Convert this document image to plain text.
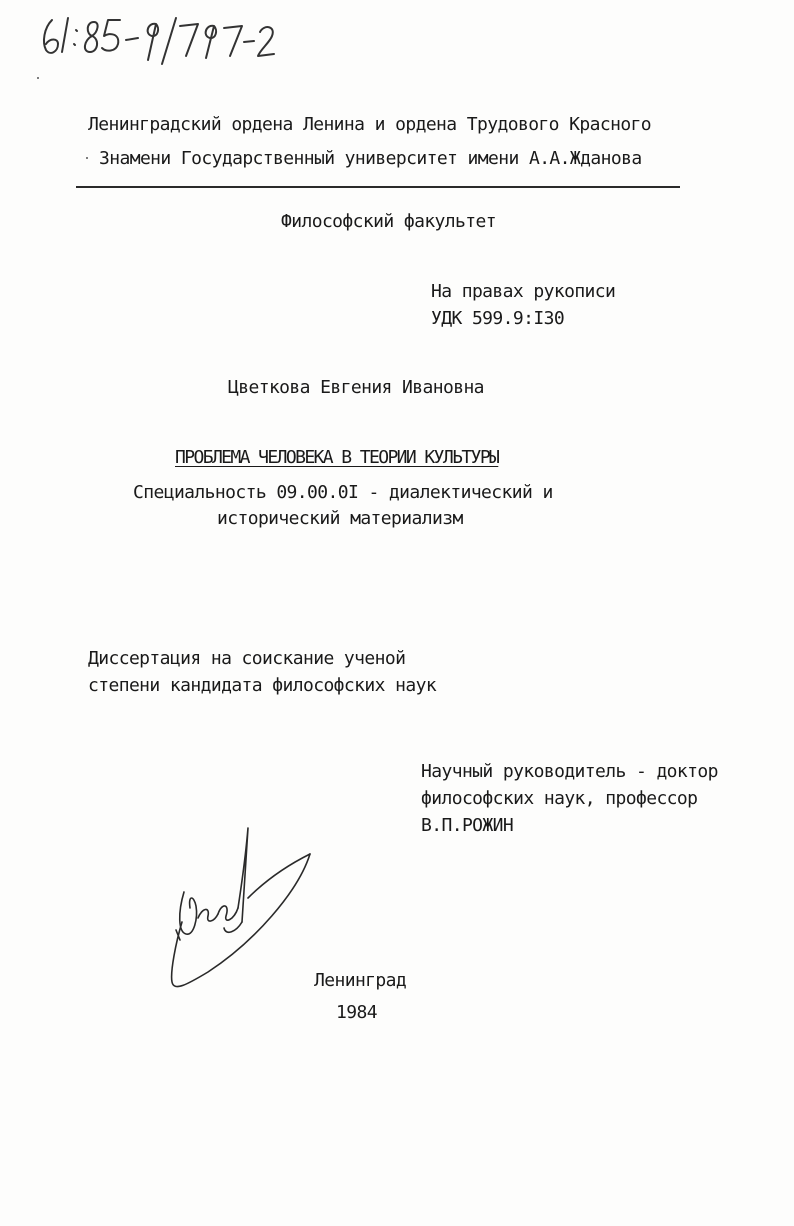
Ленинградский ордена Ленина и ордена Трудового Красного
Знамени Государственный университет имени А.А.Жданова
Философский факультет
На правах рукописи
УДК 599.9:I30
Цветкова Евгения Ивановна
ПРОБЛЕМА ЧЕЛОВЕКА В ТЕОРИИ КУЛЬТУРЫ
Специальность 09.00.0I - диалектический и
исторический материализм
Диссертация на соискание ученой
степени кандидата философских наук
Научный руководитель - доктор
философских наук, профессор
В.П.РОЖИН
Ленинград
1984
